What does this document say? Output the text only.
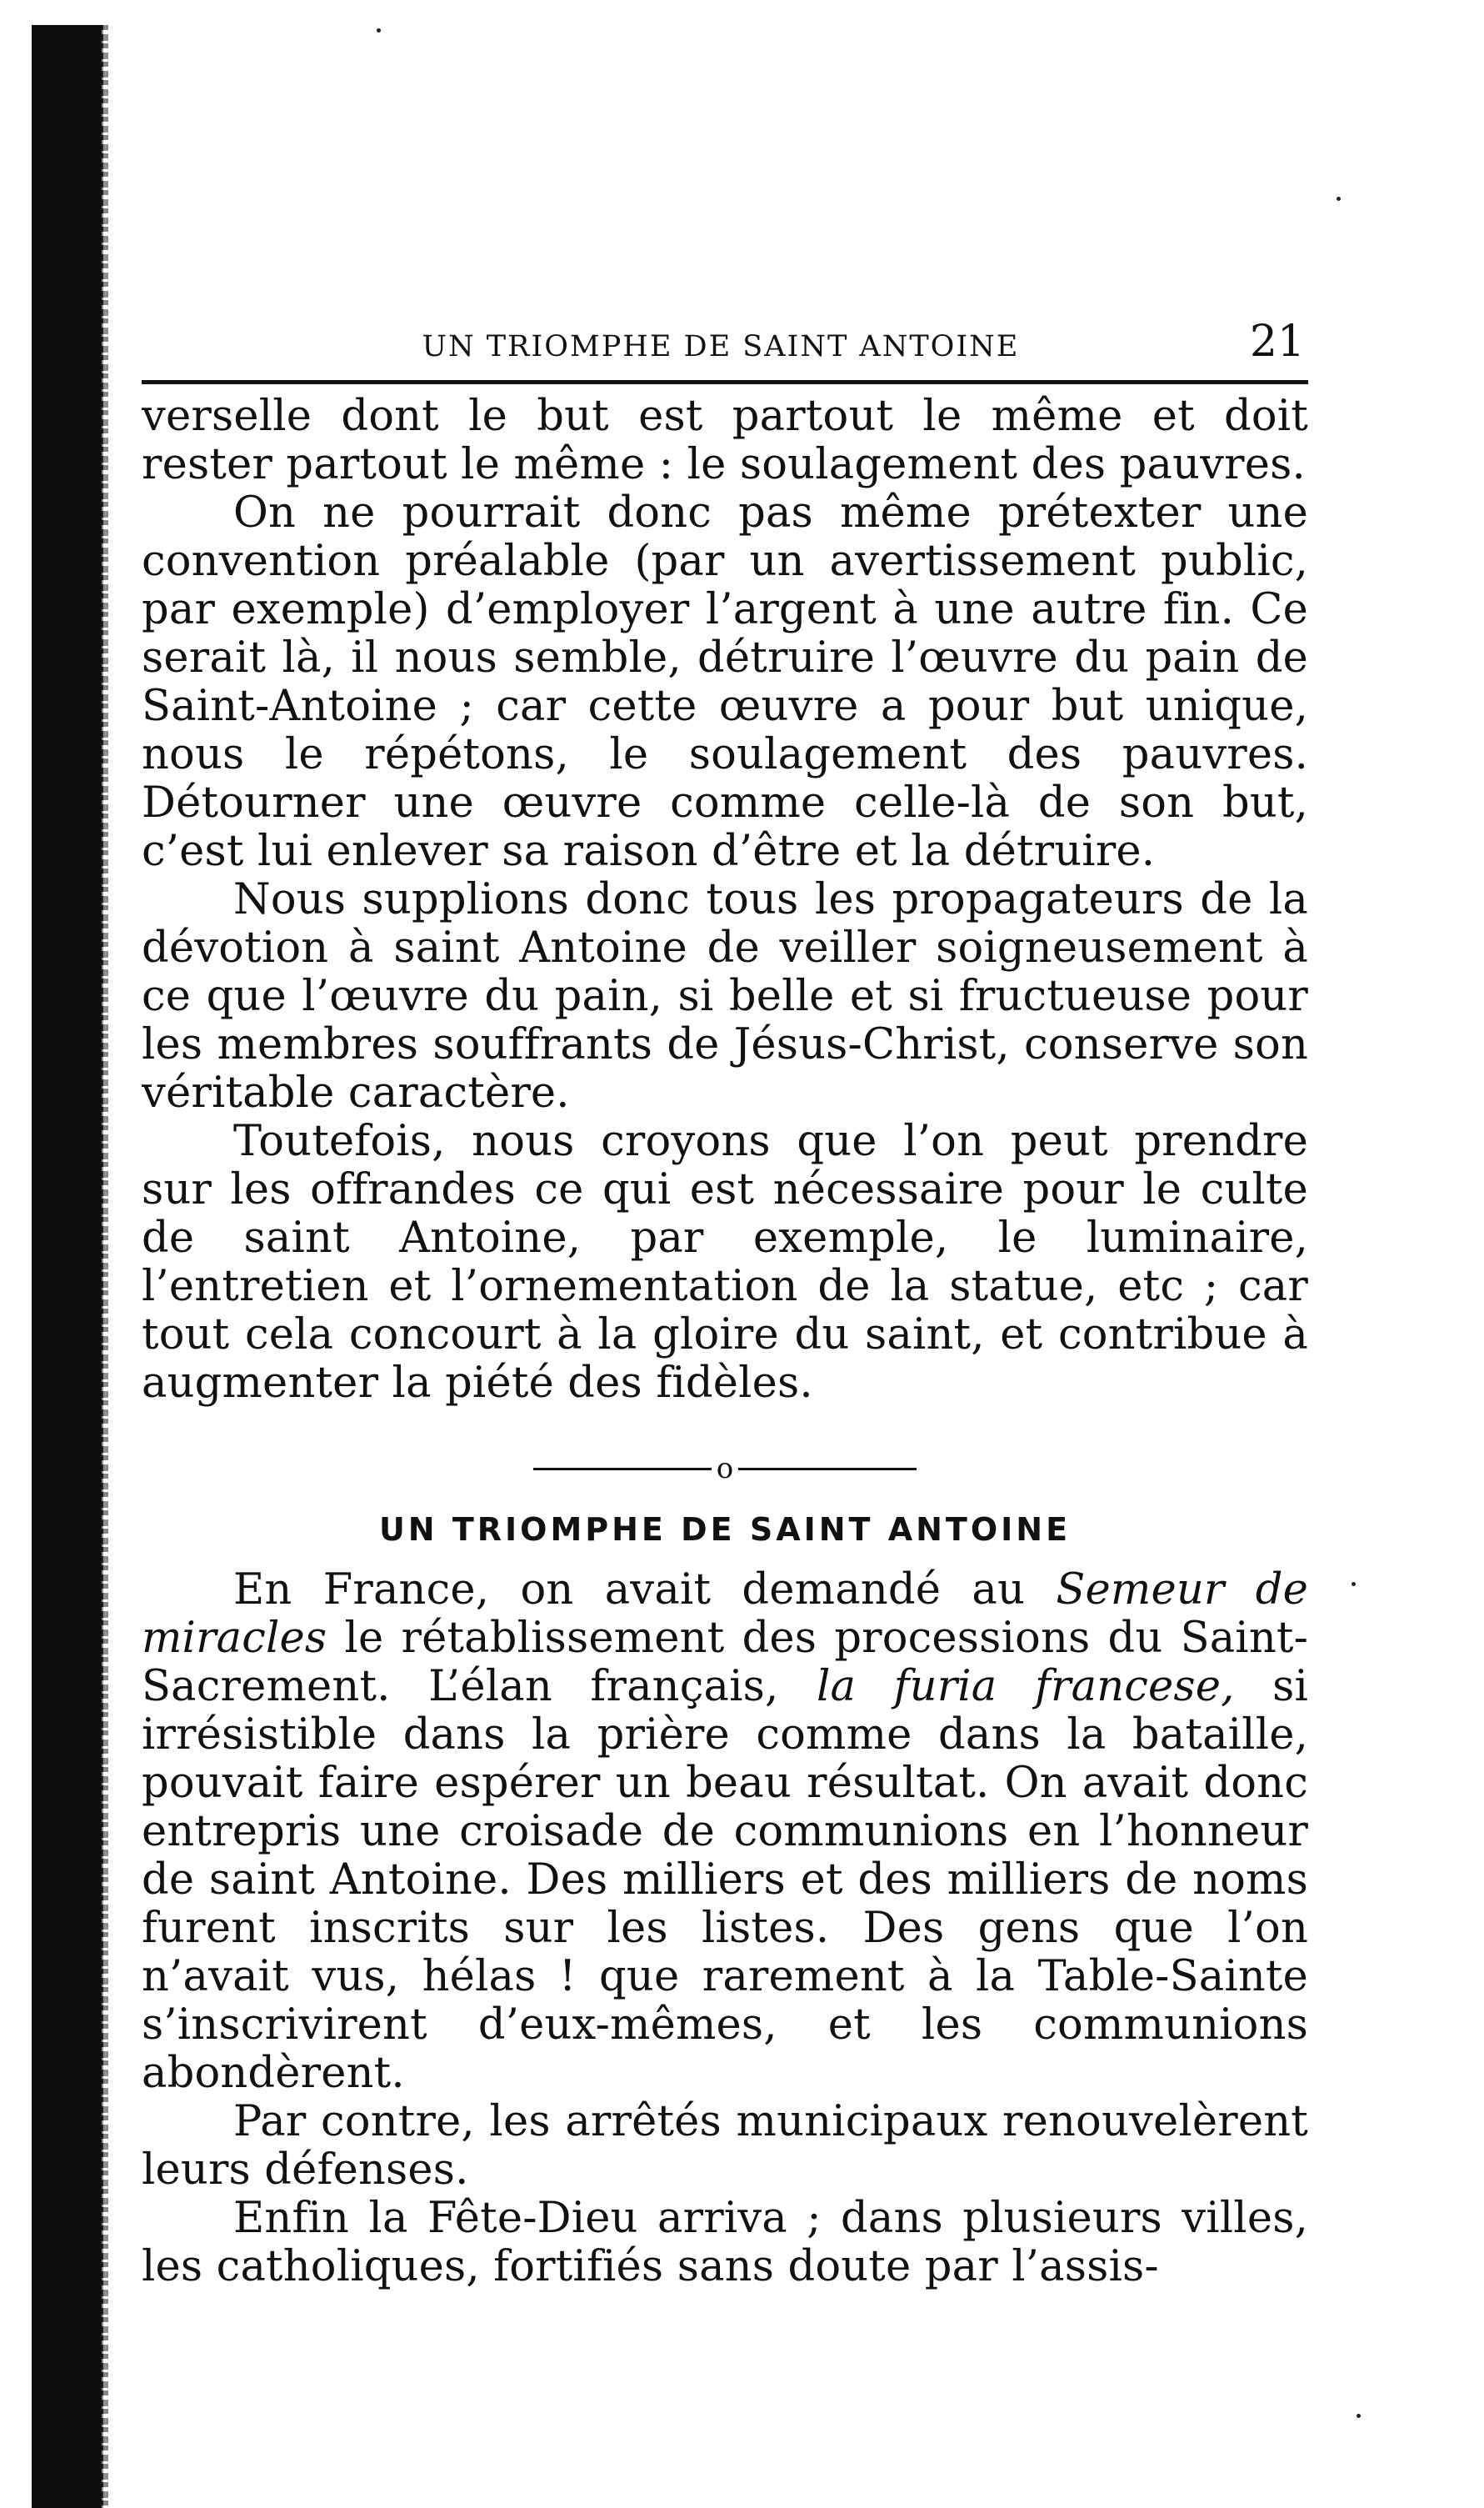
UN TRIOMPHE DE SAINT ANTOINE	21

verselle dont le but est partout le même et doit rester partout le même : le soulagement des pauvres.

On ne pourrait donc pas même prétexter une convention préalable (par un avertissement public, par exemple) d’employer l’argent à une autre fin. Ce serait là, il nous semble, détruire l’œuvre du pain de Saint-Antoine ; car cette œuvre a pour but unique, nous le répétons, le soulagement des pauvres. Détourner une œuvre comme celle-là de son but, c’est lui enlever sa raison d’être et la détruire.

Nous supplions donc tous les propagateurs de la dévotion à saint Antoine de veiller soigneusement à ce que l’œuvre du pain, si belle et si fructueuse pour les membres souffrants de Jésus-Christ, conserve son véritable caractère.

Toutefois, nous croyons que l’on peut prendre sur les offrandes ce qui est nécessaire pour le culte de saint Antoine, par exemple, le luminaire, l’entretien et l’ornementation de la statue, etc ; car tout cela concourt à la gloire du saint, et contribue à augmenter la piété des fidèles.

o
UN TRIOMPHE DE SAINT ANTOINE

En France, on avait demandé au Semeur de miracles le rétablissement des processions du Saint-Sacrement. L’élan français, la furia francese, si irrésistible dans la prière comme dans la bataille, pouvait faire espérer un beau résultat. On avait donc entrepris une croisade de communions en l’honneur de saint Antoine. Des milliers et des milliers de noms furent inscrits sur les listes. Des gens que l’on n’avait vus, hélas ! que rarement à la Table-Sainte s’inscrivirent d’eux-mêmes, et les communions abondèrent.

Par contre, les arrêtés municipaux renouvelèrent leurs défenses.

Enfin la Fête-Dieu arriva ; dans plusieurs villes, les catholiques, fortifiés sans doute par l’assis-
